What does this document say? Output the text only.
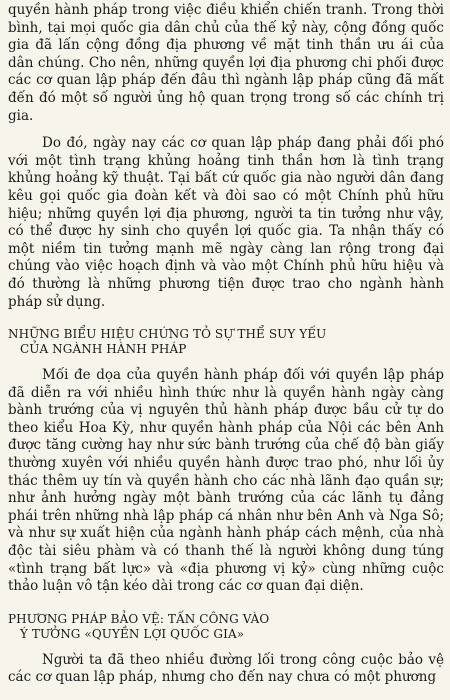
quyền hành pháp trong việc điều khiển chiến tranh. Trong thời bình, tại mọi quốc gia dân chủ của thế kỷ này, cộng đồng quốc gia đã lấn cộng đồng địa phương về mặt tinh thần ưu ái của dân chúng. Cho nên, những quyền lợi địa phương chi phối được các cơ quan lập pháp đến đâu thì ngành lập pháp cũng đã mất đến đó một số người ủng hộ quan trọng trong số các chính trị gia.

Do đó, ngày nay các cơ quan lập pháp đang phải đối phó với một tình trạng khủng hoảng tinh thần hơn là tình trạng khủng hoảng kỹ thuật. Tại bất cứ quốc gia nào người dân đang kêu gọi quốc gia đoàn kết và đòi sao có một Chính phủ hữu hiệu; những quyền lợi địa phương, người ta tin tưởng như vậy, có thể được hy sinh cho quyền lợi quốc gia. Ta nhận thấy có một niềm tin tưởng mạnh mẽ ngày càng lan rộng trong đại chúng vào việc hoạch định và vào một Chính phủ hữu hiệu và đó thường là những phương tiện được trao cho ngành hành pháp sử dụng.

NHỮNG BIỂU HIỆU CHỨNG TỎ SỰ THỂ SUY YẾU
CỦA NGÀNH HÀNH PHÁP

Mối đe dọa của quyền hành pháp đối với quyền lập pháp đã diễn ra với nhiều hình thức như là quyền hành ngày càng bành trướng của vị nguyên thủ hành pháp được bầu cử tự do theo kiểu Hoa Kỳ, như quyền hành pháp của Nội các bên Anh được tăng cường hay như sức bành trướng của chế độ bàn giấy thường xuyên với nhiều quyền hành được trao phó, như lối ủy thác thêm uy tín và quyền hành cho các nhà lãnh đạo quần sự; như ảnh hưởng ngày một bành trướng của các lãnh tụ đảng phái trên những nhà lập pháp cá nhân như bên Anh và Nga Sô; và như sự xuất hiện của ngành hành pháp cách mệnh, của nhà độc tài siêu phàm và có thanh thế là người không dung túng «tình trạng bất lực» và «địa phương vị kỷ» cùng những cuộc thảo luận vô tận kéo dài trong các cơ quan đại diện.

PHƯƠNG PHÁP BẢO VỆ: TẤN CÔNG VÀO
Ý TƯỞNG «QUYỀN LỢI QUỐC GIA»

Người ta đã theo nhiều đường lối trong công cuộc bảo vệ các cơ quan lập pháp, nhưng cho đến nay chưa có một phương
